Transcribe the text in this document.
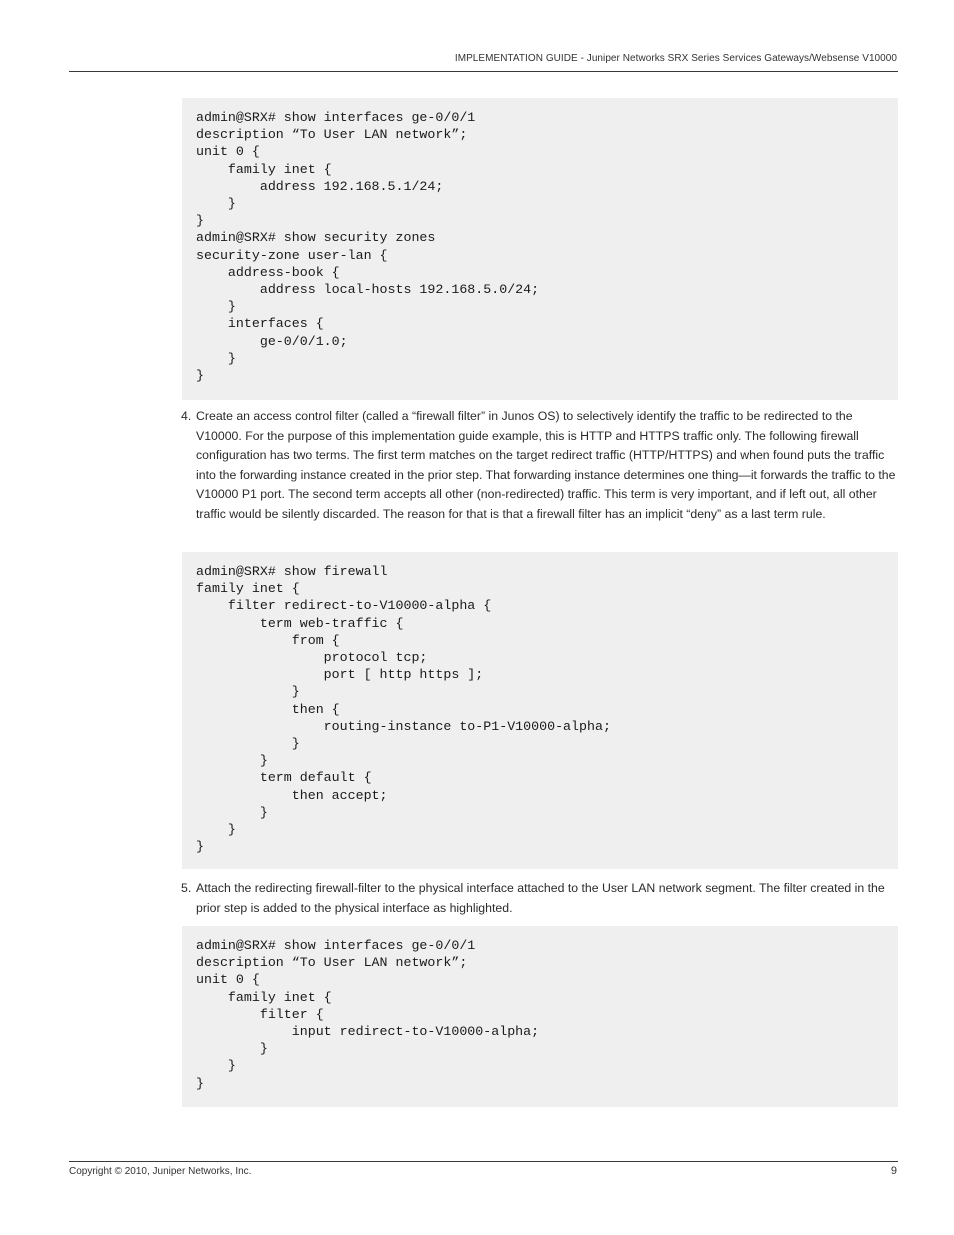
IMPLEMENTATION GUIDE - Juniper Networks SRX Series Services Gateways/Websense V10000
admin@SRX# show interfaces ge-0/0/1
description “To User LAN network”;
unit 0 {
family inet {
address 192.168.5.1/24;
}
}
admin@SRX# show security zones
security-zone user-lan {
address-book {
address local-hosts 192.168.5.0/24;
}
interfaces {
ge-0/0/1.0;
}
}
4. Create an access control filter (called a “firewall filter” in Junos OS) to selectively identify the traffic to be redirected to the V10000. For the purpose of this implementation guide example, this is HTTP and HTTPS traffic only. The following firewall configuration has two terms. The first term matches on the target redirect traffic (HTTP/HTTPS) and when found puts the traffic into the forwarding instance created in the prior step. That forwarding instance determines one thing—it forwards the traffic to the V10000 P1 port. The second term accepts all other (non-redirected) traffic. This term is very important, and if left out, all other traffic would be silently discarded. The reason for that is that a firewall filter has an implicit “deny” as a last term rule.
admin@SRX# show firewall
family inet {
filter redirect-to-V10000-alpha {
term web-traffic {
from {
protocol tcp;
port [ http https ];
}
then {
routing-instance to-P1-V10000-alpha;
}
}
term default {
then accept;
}
}
}
5. Attach the redirecting firewall-filter to the physical interface attached to the User LAN network segment. The filter created in the prior step is added to the physical interface as highlighted.
admin@SRX# show interfaces ge-0/0/1
description “To User LAN network”;
unit 0 {
family inet {
filter {
input redirect-to-V10000-alpha;
}
}
}
Copyright © 2010, Juniper Networks, Inc.	9
